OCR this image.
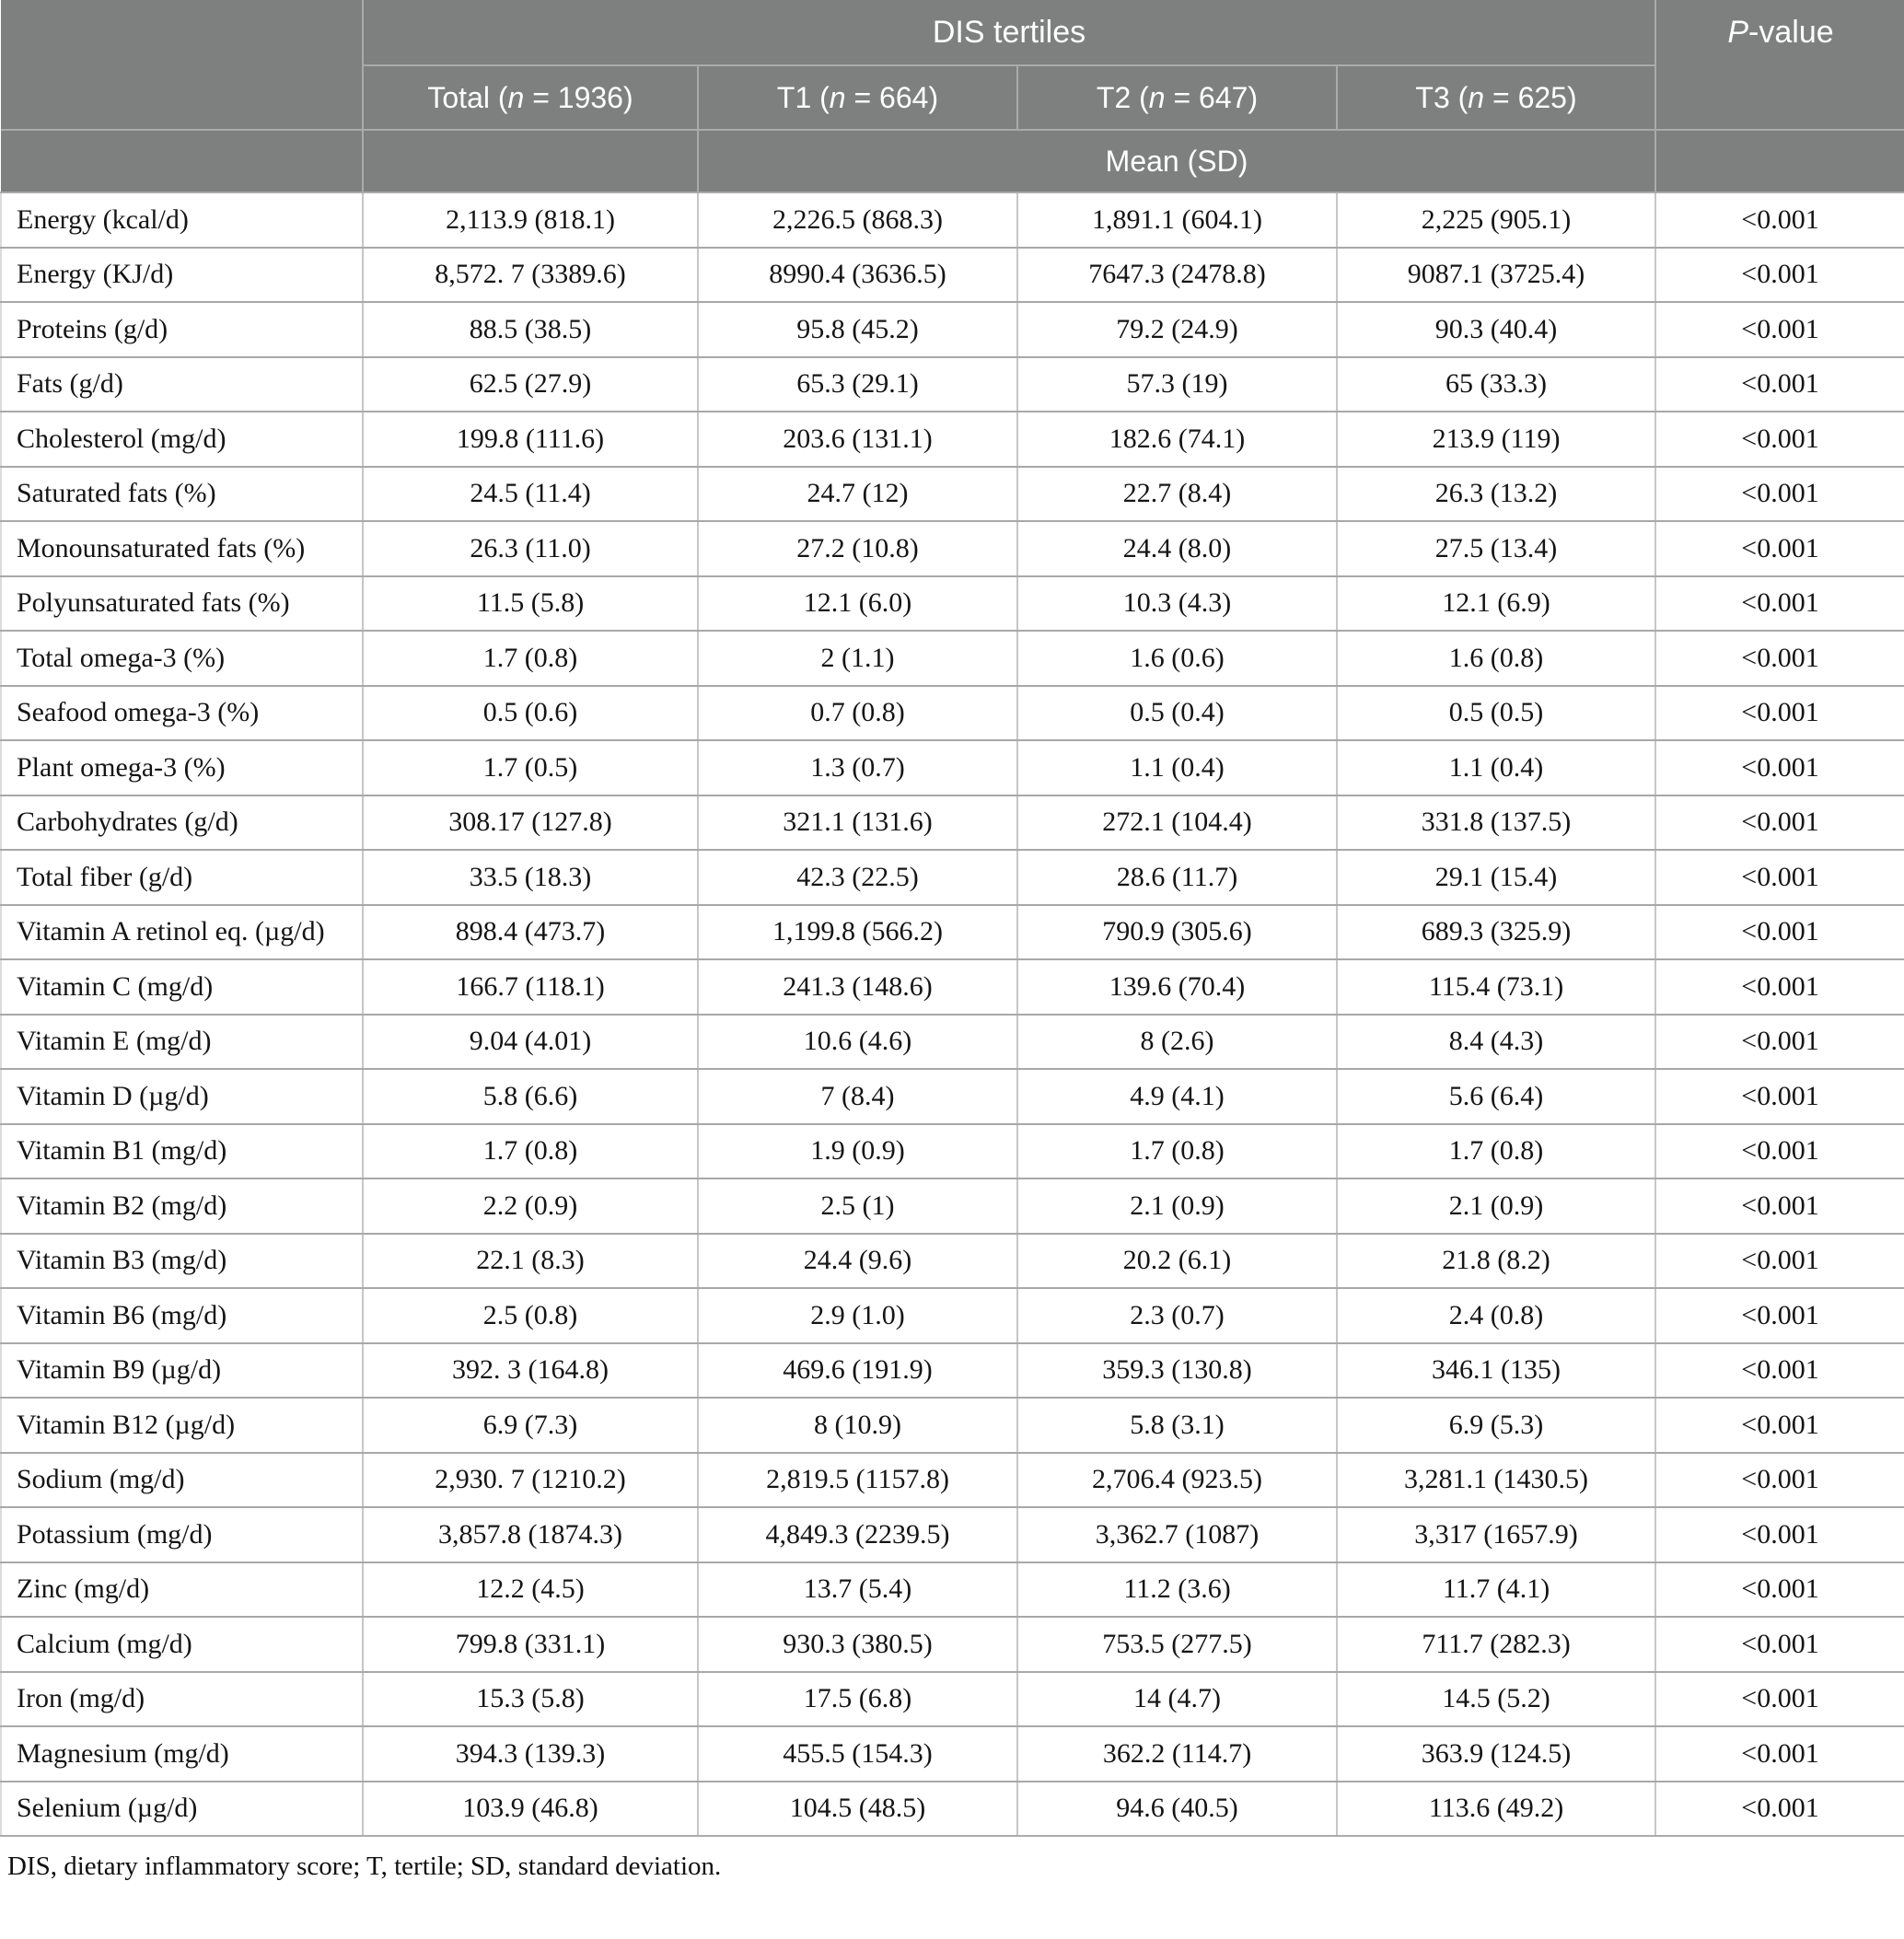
	DIS tertiles				P-value
	Total (n = 1936)	T1 (n = 664)	T2 (n = 647)	T3 (n = 625)	
		Mean (SD)			
Energy (kcal/d)	2,113.9 (818.1)	2,226.5 (868.3)	1,891.1 (604.1)	2,225 (905.1)	<0.001
Energy (KJ/d)	8,572. 7 (3389.6)	8990.4 (3636.5)	7647.3 (2478.8)	9087.1 (3725.4)	<0.001
Proteins (g/d)	88.5 (38.5)	95.8 (45.2)	79.2 (24.9)	90.3 (40.4)	<0.001
Fats (g/d)	62.5 (27.9)	65.3 (29.1)	57.3 (19)	65 (33.3)	<0.001
Cholesterol (mg/d)	199.8 (111.6)	203.6 (131.1)	182.6 (74.1)	213.9 (119)	<0.001
Saturated fats (%)	24.5 (11.4)	24.7 (12)	22.7 (8.4)	26.3 (13.2)	<0.001
Monounsaturated fats (%)	26.3 (11.0)	27.2 (10.8)	24.4 (8.0)	27.5 (13.4)	<0.001
Polyunsaturated fats (%)	11.5 (5.8)	12.1 (6.0)	10.3 (4.3)	12.1 (6.9)	<0.001
Total omega-3 (%)	1.7 (0.8)	2 (1.1)	1.6 (0.6)	1.6 (0.8)	<0.001
Seafood omega-3 (%)	0.5 (0.6)	0.7 (0.8)	0.5 (0.4)	0.5 (0.5)	<0.001
Plant omega-3 (%)	1.7 (0.5)	1.3 (0.7)	1.1 (0.4)	1.1 (0.4)	<0.001
Carbohydrates (g/d)	308.17 (127.8)	321.1 (131.6)	272.1 (104.4)	331.8 (137.5)	<0.001
Total fiber (g/d)	33.5 (18.3)	42.3 (22.5)	28.6 (11.7)	29.1 (15.4)	<0.001
Vitamin A retinol eq. (µg/d)	898.4 (473.7)	1,199.8 (566.2)	790.9 (305.6)	689.3 (325.9)	<0.001
Vitamin C (mg/d)	166.7 (118.1)	241.3 (148.6)	139.6 (70.4)	115.4 (73.1)	<0.001
Vitamin E (mg/d)	9.04 (4.01)	10.6 (4.6)	8 (2.6)	8.4 (4.3)	<0.001
Vitamin D (µg/d)	5.8 (6.6)	7 (8.4)	4.9 (4.1)	5.6 (6.4)	<0.001
Vitamin B1 (mg/d)	1.7 (0.8)	1.9 (0.9)	1.7 (0.8)	1.7 (0.8)	<0.001
Vitamin B2 (mg/d)	2.2 (0.9)	2.5 (1)	2.1 (0.9)	2.1 (0.9)	<0.001
Vitamin B3 (mg/d)	22.1 (8.3)	24.4 (9.6)	20.2 (6.1)	21.8 (8.2)	<0.001
Vitamin B6 (mg/d)	2.5 (0.8)	2.9 (1.0)	2.3 (0.7)	2.4 (0.8)	<0.001
Vitamin B9 (µg/d)	392. 3 (164.8)	469.6 (191.9)	359.3 (130.8)	346.1 (135)	<0.001
Vitamin B12 (µg/d)	6.9 (7.3)	8 (10.9)	5.8 (3.1)	6.9 (5.3)	<0.001
Sodium (mg/d)	2,930. 7 (1210.2)	2,819.5 (1157.8)	2,706.4 (923.5)	3,281.1 (1430.5)	<0.001
Potassium (mg/d)	3,857.8 (1874.3)	4,849.3 (2239.5)	3,362.7 (1087)	3,317 (1657.9)	<0.001
Zinc (mg/d)	12.2 (4.5)	13.7 (5.4)	11.2 (3.6)	11.7 (4.1)	<0.001
Calcium (mg/d)	799.8 (331.1)	930.3 (380.5)	753.5 (277.5)	711.7 (282.3)	<0.001
Iron (mg/d)	15.3 (5.8)	17.5 (6.8)	14 (4.7)	14.5 (5.2)	<0.001
Magnesium (mg/d)	394.3 (139.3)	455.5 (154.3)	362.2 (114.7)	363.9 (124.5)	<0.001
Selenium (µg/d)	103.9 (46.8)	104.5 (48.5)	94.6 (40.5)	113.6 (49.2)	<0.001
DIS, dietary inflammatory score; T, tertile; SD, standard deviation.
